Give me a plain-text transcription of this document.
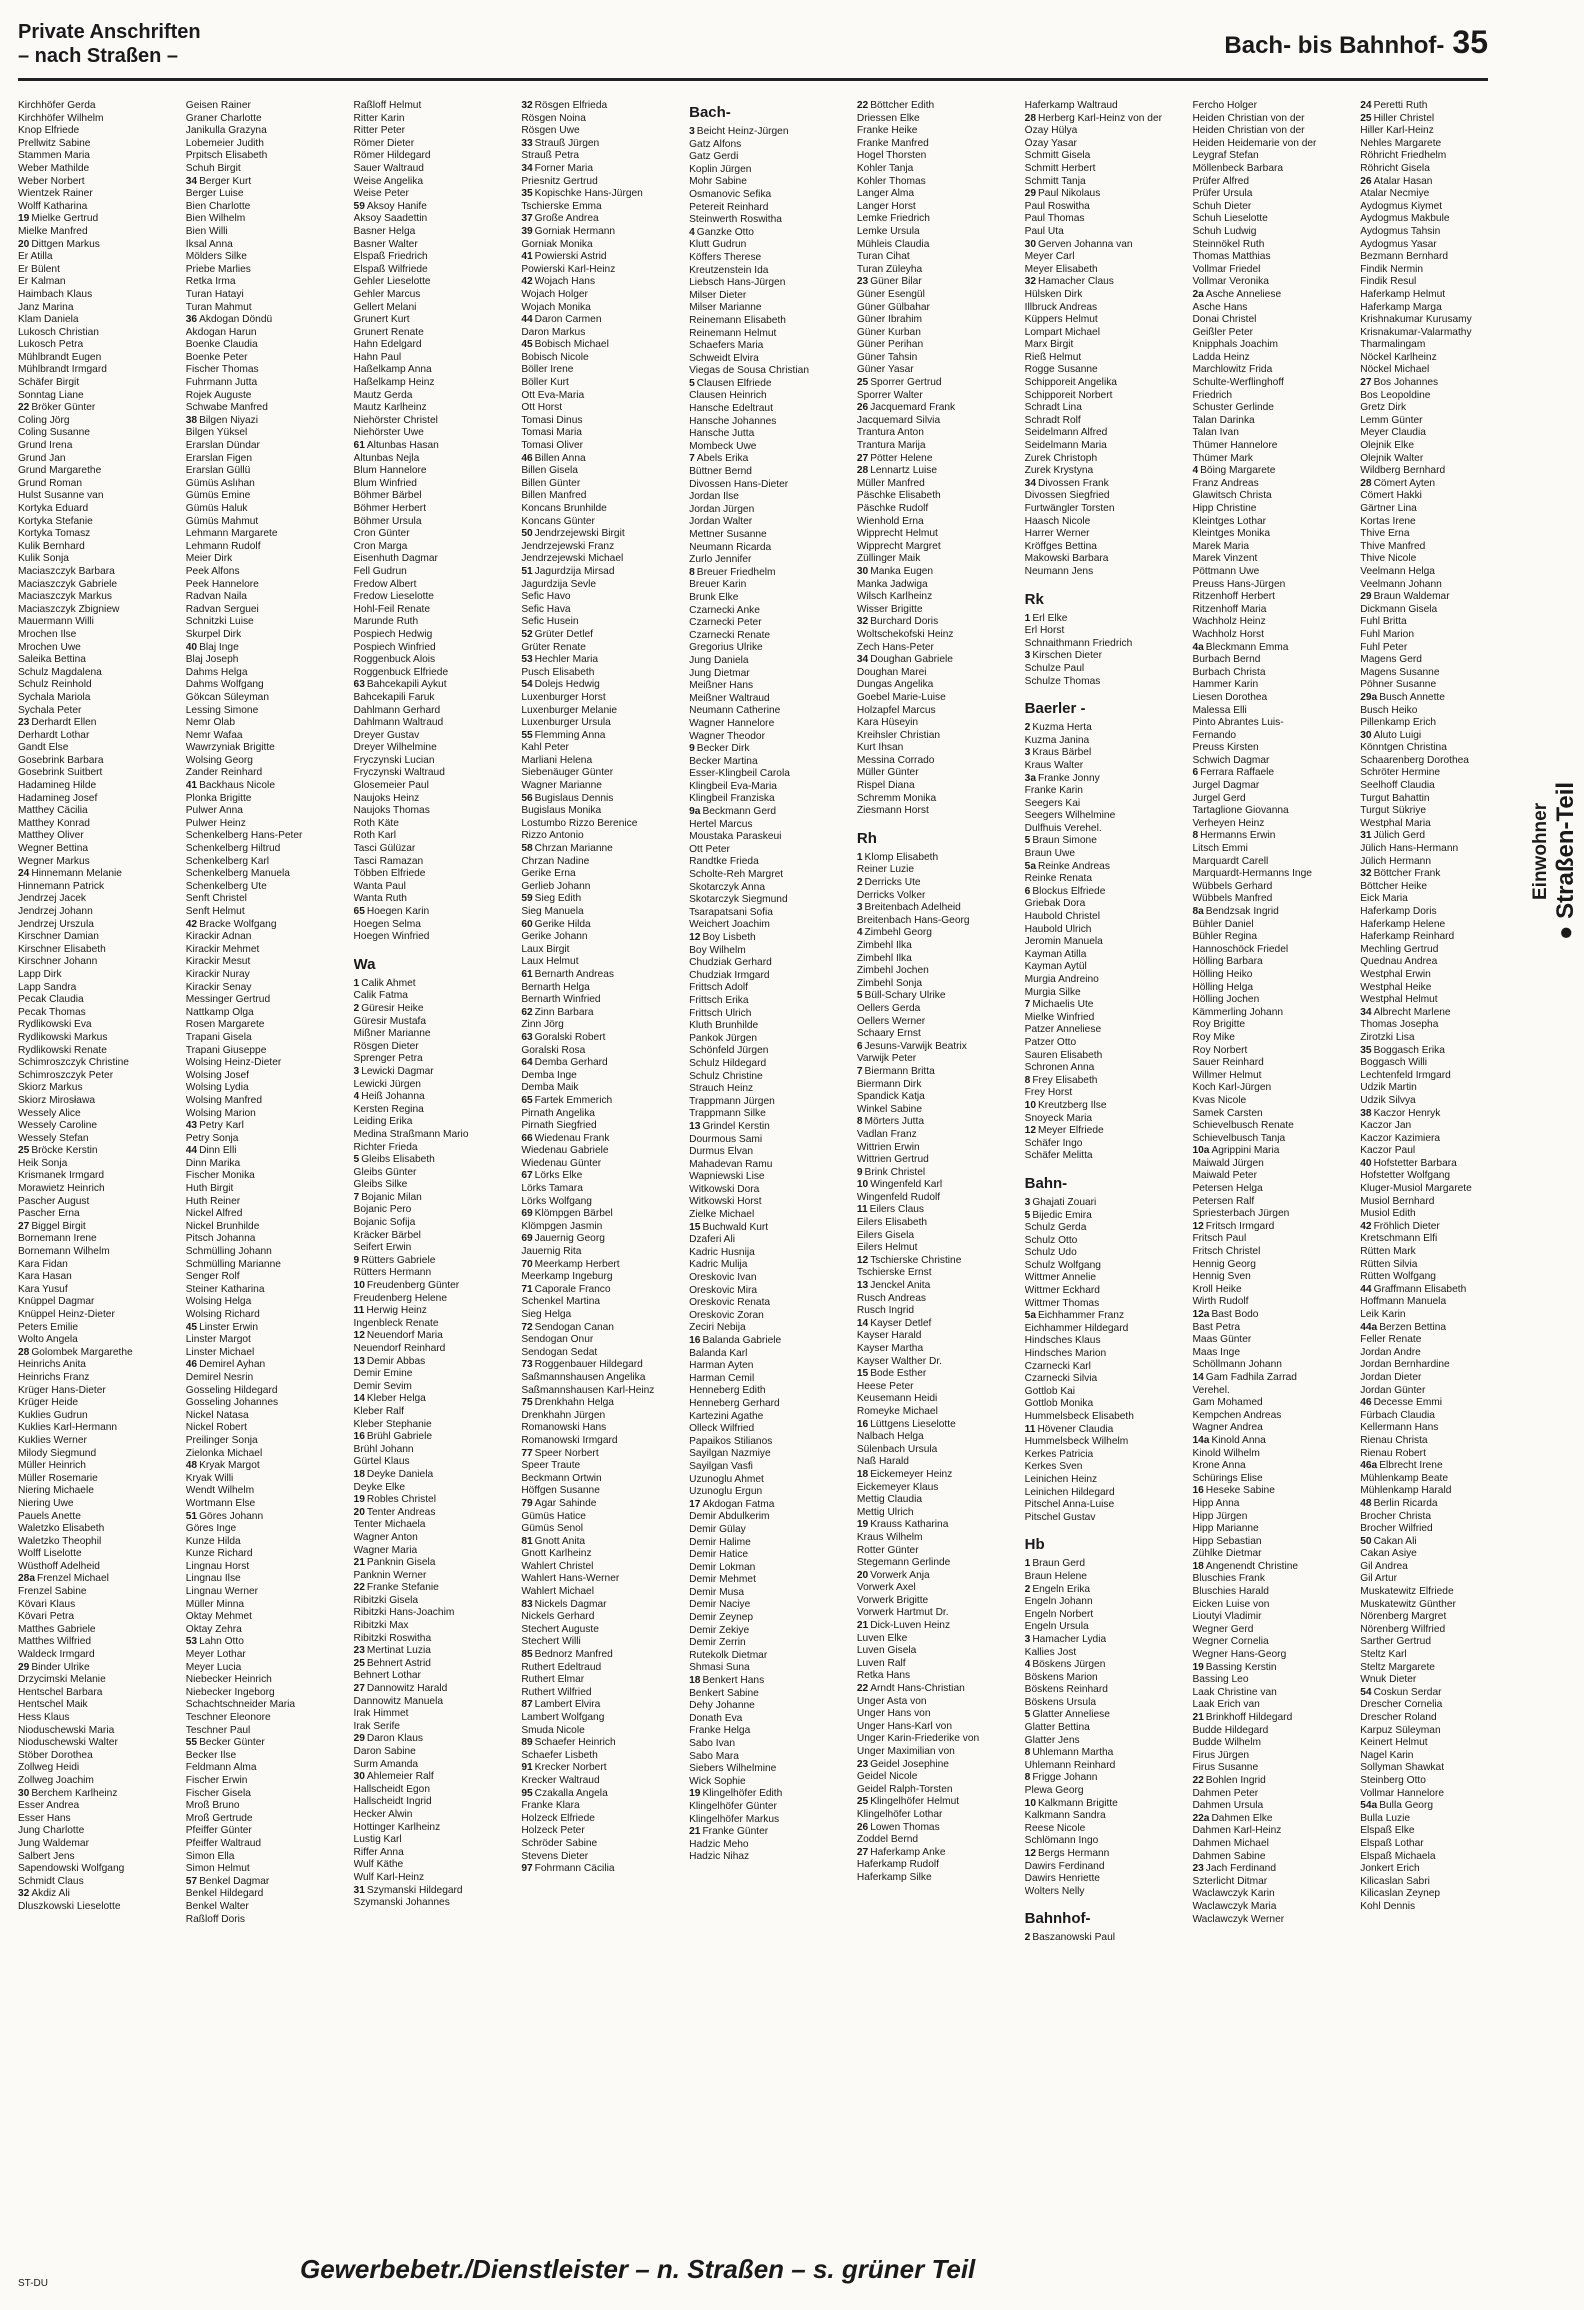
Private Anschriften
– nach Straßen –	Bach- bis Bahnhof- 35
Kirchhöfer Gerda
Kirchhöfer Wilhelm
Knop Elfriede
Prellwitz Sabine
Stammen Maria
Weber Mathilde
Weber Norbert
Wientzek Rainer
Wolff Katharina
19 Mielke Gertrud
Mielke Manfred
20 Dittgen Markus
Er Atilla
Er Bülent
Er Kalman
Haimbach Klaus
Janz Marina
Klam Daniela
Lukosch Christian
Lukosch Petra
Mühlbrandt Eugen
Mühlbrandt Irmgard
Schäfer Birgit
Sonntag Liane
22 Bröker Günter
Coling Jörg
Coling Susanne
Grund Irena
Grund Jan
Grund Margarethe
Grund Roman
Hulst Susanne van
Kortyka Eduard
Kortyka Stefanie
Kortyka Tomasz
Kulik Bernhard
Kulik Sonja
Maciaszczyk Barbara
Maciaszczyk Gabriele
Maciaszczyk Markus
Maciaszczyk Zbigniew
Mauermann Willi
Mrochen Ilse
Mrochen Uwe
Saleika Bettina
Schulz Magdalena
Schulz Reinhold
Sychala Mariola
Sychala Peter
23 Derhardt Ellen
Derhardt Lothar
Gandt Else
Gosebrink Barbara
Gosebrink Suitbert
Hadamineg Hilde
Hadamineg Josef
Matthey Cäcilia
Matthey Konrad
Matthey Oliver
Wegner Bettina
Wegner Markus
24 Hinnemann Melanie
Hinnemann Patrick
Jendrzej Jacek
Jendrzej Johann
Jendrzej Urszula
Kirschner Damian
Kirschner Elisabeth
Kirschner Johann
Lapp Dirk
Lapp Sandra
Pecak Claudia
Pecak Thomas
Rydlikowski Eva
Rydlikowski Markus
Rydlikowski Renate
Schimroszczyk Christine
Schimroszczyk Peter
Skiorz Markus
Skiorz Mirosława
Wessely Alice
Wessely Caroline
Wessely Stefan
25 Bröcke Kerstin
Heik Sonja
Krismanek Irmgard
Morawietz Heinrich
Pascher August
Pascher Erna
27 Biggel Birgit
Bornemann Irene
Bornemann Wilhelm
Kara Fidan
Kara Hasan
Kara Yusuf
Knüppel Dagmar
Knüppel Heinz-Dieter
Peters Emilie
Wolto Angela
28 Golombek Margarethe
Heinrichs Anita
Heinrichs Franz
Krüger Hans-Dieter
Krüger Heide
Kuklies Gudrun
Kuklies Karl-Hermann
Kuklies Werner
Milody Siegmund
Müller Heinrich
Müller Rosemarie
Niering Michaele
Niering Uwe
Pauels Anette
Waletzko Elisabeth
Waletzko Theophil
Wolff Liselotte
Wüsthoff Adelheid
28a Frenzel Michael
Frenzel Sabine
Kövari Klaus
Kövari Petra
Matthes Gabriele
Matthes Wilfried
Waldeck Irmgard
29 Binder Ulrike
Drzycimski Melanie
Hentschel Barbara
Hentschel Maik
Hess Klaus
Nioduschewski Maria
Nioduschewski Walter
Stöber Dorothea
Zollweg Heidi
Zollweg Joachim
30 Berchem Karlheinz
Esser Andrea
Esser Hans
Jung Charlotte
Jung Waldemar
Salbert Jens
Sapendowski Wolfgang
Schmidt Claus
32 Akdiz Ali
Dluszkowski Lieselotte
Geisen Rainer
Graner Charlotte
Janikulla Grazyna
Lobemeier Judith
Prpitsch Elisabeth
Schuh Birgit
34 Berger Kurt
Berger Luise
Bien Charlotte
Bien Wilhelm
Bien Willi
Iksal Anna
Mölders Silke
Priebe Marlies
Retka Irma
Turan Hatayi
Turan Mahmut
36 Akdogan Döndü
Akdogan Harun
Boenke Claudia
Boenke Peter
Fischer Thomas
Fuhrmann Jutta
Rojek Auguste
Schwabe Manfred
38 Bilgen Niyazi
Bilgen Yüksel
Erarslan Dündar
Erarslan Figen
Erarslan Güllü
Gümüs Aslıhan
Gümüs Emine
Gümüs Haluk
Gümüs Mahmut
Lehmann Margarete
Lehmann Rudolf
Meier Dirk
Peek Alfons
Peek Hannelore
Radvan Naila
Radvan Serguei
Schnitzki Luise
Skurpel Dirk
40 Blaj Inge
Blaj Joseph
Dahms Helga
Dahms Wolfgang
Gökcan Süleyman
Lessing Simone
Nemr Olab
Nemr Wafaa
Wawrzyniak Brigitte
Wolsing Georg
Zander Reinhard
41 Backhaus Nicole
Plonka Brigitte
Pulwer Anna
Pulwer Heinz
Schenkelberg Hans-Peter
Schenkelberg Hiltrud
Schenkelberg Karl
Schenkelberg Manuela
Schenkelberg Ute
Senft Christel
Senft Helmut
42 Bracke Wolfgang
Kirackir Adnan
Kirackir Mehmet
Kirackir Mesut
Kirackir Nuray
Kirackir Senay
Messinger Gertrud
Nattkamp Olga
Rosen Margarete
Trapani Gisela
Trapani Giuseppe
Wolsing Heinz-Dieter
Wolsing Josef
Wolsing Lydia
Wolsing Manfred
Wolsing Marion
43 Petry Karl
Petry Sonja
44 Dinn Elli
Dinn Marika
Fischer Monika
Huth Birgit
Huth Reiner
Nickel Alfred
Nickel Brunhilde
Pitsch Johanna
Schmülling Johann
Schmülling Marianne
Senger Rolf
Steiner Katharina
Wolsing Helga
Wolsing Richard
45 Linster Erwin
Linster Margot
Linster Michael
46 Demirel Ayhan
Demirel Nesrin
Gosseling Hildegard
Gosseling Johannes
Nickel Natasa
Nickel Robert
Preilinger Sonja
Zielonka Michael
48 Kryak Margot
Kryak Willi
Wendt Wilhelm
Wortmann Else
51 Göres Johann
Göres Inge
Kunze Hilda
Kunze Richard
Lingnau Horst
Lingnau Ilse
Lingnau Werner
Müller Minna
Oktay Mehmet
Oktay Zehra
53 Lahn Otto
Meyer Lothar
Meyer Lucia
Niebecker Heinrich
Niebecker Ingeborg
Schachtschneider Maria
Teschner Eleonore
Teschner Paul
55 Becker Günter
Becker Ilse
Feldmann Alma
Fischer Erwin
Fischer Gisela
Mroß Bruno
Mroß Gertrude
Pfeiffer Günter
Pfeiffer Waltraud
Simon Ella
Simon Helmut
57 Benkel Dagmar
Benkel Hildegard
Benkel Walter
Raßloff Doris
Raßloff Helmut
Ritter Karin
Ritter Peter
Römer Dieter
Römer Hildegard
Sauer Waltraud
Weise Angelika
Weise Peter
59 Aksoy Hanife
Aksoy Saadettin
Basner Helga
Basner Walter
Elspaß Friedrich
Elspaß Wilfriede
Gehler Lieselotte
Gehler Marcus
Gellert Melani
Grunert Kurt
Grunert Renate
Hahn Edelgard
Hahn Paul
Haßelkamp Anna
Haßelkamp Heinz
Mautz Gerda
Mautz Karlheinz
Niehörster Christel
Niehörster Uwe
61 Altunbas Hasan
Altunbas Nejla
Blum Hannelore
Blum Winfried
Böhmer Bärbel
Böhmer Herbert
Böhmer Ursula
Cron Günter
Cron Marga
Eisenhuth Dagmar
Fell Gudrun
Fredow Albert
Fredow Lieselotte
Hohl-Feil Renate
Marunde Ruth
Pospiech Hedwig
Pospiech Winfried
Roggenbuck Alois
Roggenbuck Elfriede
63 Bahcekapili Aykut
Bahcekapili Faruk
Dahlmann Gerhard
Dahlmann Waltraud
Dreyer Gustav
Dreyer Wilhelmine
Fryczynski Lucian
Fryczynski Waltraud
Glosemeier Paul
Naujoks Heinz
Naujoks Thomas
Roth Käte
Roth Karl
Tasci Gülüzar
Tasci Ramazan
Többen Elfriede
Wanta Paul
Wanta Ruth
65 Hoegen Karin
Hoegen Selma
Hoegen Winfried
Wa
1 Calik Ahmet
Calik Fatma
2 Güresir Heike
Güresir Mustafa
Mißner Marianne
Rösgen Dieter
Sprenger Petra
3 Lewicki Dagmar
Lewicki Jürgen
4 Heiß Johanna
Kersten Regina
Leiding Erika
Medina Straßmann Mario
Richter Frieda
5 Gleibs Elisabeth
Gleibs Günter
Gleibs Silke
7 Bojanic Milan
Bojanic Pero
Bojanic Sofija
Kräcker Bärbel
Seifert Erwin
9 Rütters Gabriele
Rütters Hermann
10 Freudenberg Günter
Freudenberg Helene
11 Herwig Heinz
Ingenbleck Renate
12 Neuendorf Maria
Neuendorf Reinhard
13 Demir Abbas
Demir Emine
Demir Sevim
14 Kleber Helga
Kleber Ralf
Kleber Stephanie
16 Brühl Gabriele
Brühl Johann
Gürtel Klaus
18 Deyke Daniela
Deyke Elke
19 Robles Christel
20 Tenter Andreas
Tenter Michaela
Wagner Anton
Wagner Maria
21 Panknin Gisela
Panknin Werner
22 Franke Stefanie
Ribitzki Gisela
Ribitzki Hans-Joachim
Ribitzki Max
Ribitzki Roswitha
23 Mertinat Luzia
25 Behnert Astrid
Behnert Lothar
27 Dannowitz Harald
Dannowitz Manuela
Irak Himmet
Irak Serife
29 Daron Klaus
Daron Sabine
Surm Amanda
30 Ahlemeier Ralf
Hallscheidt Egon
Hallscheidt Ingrid
Hecker Alwin
Hottinger Karlheinz
Lustig Karl
Riffer Anna
Wulf Käthe
Wulf Karl-Heinz
31 Szymanski Hildegard
Szymanski Johannes
32 Rösgen Elfrieda
Rösgen Noina
Rösgen Uwe
33 Strauß Jürgen
Strauß Petra
34 Forner Maria
Priesnitz Gertrud
35 Kopischke Hans-Jürgen
Tschierske Emma
37 Große Andrea
39 Gorniak Hermann
Gorniak Monika
41 Powierski Astrid
Powierski Karl-Heinz
42 Wojach Hans
Wojach Holger
Wojach Monika
44 Daron Carmen
Daron Markus
45 Bobisch Michael
Bobisch Nicole
Böller Irene
Böller Kurt
Ott Eva-Maria
Ott Horst
Tomasi Dinus
Tomasi Maria
Tomasi Oliver
46 Billen Anna
Billen Gisela
Billen Günter
Billen Manfred
Koncans Brunhilde
Koncans Günter
50 Jendrzejewski Birgit
Jendrzejewski Franz
Jendrzejewski Michael
51 Jagurdzija Mirsad
Jagurdzija Sevle
Sefic Havo
Sefic Hava
Sefic Husein
52 Grüter Detlef
Grüter Renate
53 Hechler Maria
Pusch Elisabeth
54 Dolejs Hedwig
Luxenburger Horst
Luxenburger Melanie
Luxenburger Ursula
55 Flemming Anna
Kahl Peter
Marliani Helena
Siebenäuger Günter
Wagner Marianne
56 Bugislaus Dennis
Bugislaus Monika
Lostumbo Rizzo Berenice
Rizzo Antonio
58 Chrzan Marianne
Chrzan Nadine
Gerike Erna
Gerlieb Johann
59 Sieg Edith
Sieg Manuela
60 Gerike Hilda
Gerike Johann
Laux Birgit
Laux Helmut
61 Bernarth Andreas
Bernarth Helga
Bernarth Winfried
62 Zinn Barbara
Zinn Jörg
63 Goralski Robert
Goralski Rosa
64 Demba Gerhard
Demba Inge
Demba Maik
65 Fartek Emmerich
Pirnath Angelika
Pirnath Siegfried
66 Wiedenau Frank
Wiedenau Gabriele
Wiedenau Günter
67 Lörks Elke
Lörks Tamara
Lörks Wolfgang
69 Klömpgen Bärbel
Klömpgen Jasmin
69 Jauernig Georg
Jauernig Rita
70 Meerkamp Herbert
Meerkamp Ingeburg
71 Caporale Franco
Schenkel Martina
Sieg Helga
72 Sendogan Canan
Sendogan Onur
Sendogan Sedat
73 Roggenbauer Hildegard
Saßmannshausen Angelika
Saßmannshausen Karl-Heinz
75 Drenkhahn Helga
Drenkhahn Jürgen
Romanowski Hans
Romanowski Irmgard
77 Speer Norbert
Speer Traute
Beckmann Ortwin
Höffgen Susanne
79 Agar Sahinde
Gümüs Hatice
Gümüs Senol
81 Gnott Anita
Gnott Karlheinz
Wahlert Christel
Wahlert Hans-Werner
Wahlert Michael
83 Nickels Dagmar
Nickels Gerhard
Stechert Auguste
Stechert Willi
85 Bednorz Manfred
Ruthert Edeltraud
Ruthert Elmar
Ruthert Wilfried
87 Lambert Elvira
Lambert Wolfgang
Smuda Nicole
89 Schaefer Heinrich
Schaefer Lisbeth
91 Krecker Norbert
Krecker Waltraud
95 Czakalla Angela
Franke Klara
Holzeck Elfriede
Holzeck Peter
Schröder Sabine
Stevens Dieter
97 Fohrmann Cäcilia
Bach-
3 Beicht Heinz-Jürgen
Gatz Alfons
Gatz Gerdi
Koplin Jürgen
Mohr Sabine
Osmanovic Sefika
Petereit Reinhard
Steinwerth Roswitha
4 Ganzke Otto
Klutt Gudrun
Köffers Therese
Kreutzenstein Ida
Liebsch Hans-Jürgen
Milser Dieter
Milser Marianne
Reinemann Elisabeth
Reinemann Helmut
Schaefers Maria
Schweidt Elvira
Viegas de Sousa Christian
5 Clausen Elfriede
Clausen Heinrich
Hansche Edeltraut
Hansche Johannes
Hansche Jutta
Mombeck Uwe
7 Abels Erika
Büttner Bernd
Divossen Hans-Dieter
Jordan Ilse
Jordan Jürgen
Jordan Walter
Mettner Susanne
Neumann Ricarda
Zurlo Jennifer
8 Breuer Friedhelm
Breuer Karin
Brunk Elke
Czarnecki Anke
Czarnecki Peter
Czarnecki Renate
Gregorius Ulrike
Jung Daniela
Jung Dietmar
Meißner Hans
Meißner Waltraud
Neumann Catherine
Wagner Hannelore
Wagner Theodor
9 Becker Dirk
Becker Martina
Esser-Klingbeil Carola
Klingbeil Eva-Maria
Klingbeil Franziska
9a Beckmann Gerd
Hertel Marcus
Moustaka Paraskeui
Ott Peter
Randtke Frieda
Scholte-Reh Margret
Skotarczyk Anna
Skotarczyk Siegmund
Tsarapatsani Sofia
Weichert Joachim
12 Boy Lisbeth
Boy Wilhelm
Chudziak Gerhard
Chudziak Irmgard
Frittsch Adolf
Frittsch Erika
Frittsch Ulrich
Kluth Brunhilde
Pankok Jürgen
Schönfeld Jürgen
Schulz Hildegard
Schulz Christine
Strauch Heinz
Trappmann Jürgen
Trappmann Silke
13 Grindel Kerstin
Dourmous Sami
Durmus Elvan
Mahadevan Ramu
Wapniewski Lise
Witkowski Dora
Witkowski Horst
Zielke Michael
15 Buchwald Kurt
Dzaferi Ali
Kadric Husnija
Kadric Mulija
Oreskovic Ivan
Oreskovic Mira
Oreskovic Renata
Oreskovic Zoran
Zeciri Nebija
16 Balanda Gabriele
Balanda Karl
Harman Ayten
Harman Cemil
Henneberg Edith
Henneberg Gerhard
Kartezini Agathe
Olleck Wilfried
Papaikos Stilianos
Sayilgan Nazmiye
Sayilgan Vasfi
Uzunoglu Ahmet
Uzunoglu Ergun
17 Akdogan Fatma
Demir Abdulkerim
Demir Gülay
Demir Halime
Demir Hatice
Demir Lokman
Demir Mehmet
Demir Musa
Demir Naciye
Demir Zeynep
Demir Zekiye
Demir Zerrin
Rutekolk Dietmar
Shmasi Suna
18 Benkert Hans
Benkert Sabine
Dehy Johanne
Donath Eva
Franke Helga
Sabo Ivan
Sabo Mara
Siebers Wilhelmine
Wick Sophie
19 Klingelhöfer Edith
Klingelhöfer Günter
Klingelhöfer Markus
21 Franke Günter
Hadzic Meho
Hadzic Nihaz
22 Böttcher Edith
Driessen Elke
Franke Heike
Franke Manfred
Hogel Thorsten
Kohler Tanja
Kohler Thomas
Langer Alma
Langer Horst
Lemke Friedrich
Lemke Ursula
Mühleis Claudia
Turan Cihat
Turan Züleyha
23 Güner Bilar
Güner Esengül
Güner Gülbahar
Güner Ibrahim
Güner Kurban
Güner Perihan
Güner Tahsin
Güner Yasar
25 Sporrer Gertrud
Sporrer Walter
26 Jacquemard Frank
Jacquemard Silvia
Trantura Anton
Trantura Marija
27 Pötter Helene
28 Lennartz Luise
Müller Manfred
Päschke Elisabeth
Päschke Rudolf
Wienhold Erna
Wipprecht Helmut
Wipprecht Margret
Züllinger Maik
30 Manka Eugen
Manka Jadwiga
Wilsch Karlheinz
Wisser Brigitte
32 Burchard Doris
Woltschekofski Heinz
Zech Hans-Peter
34 Doughan Gabriele
Doughan Marei
Dungas Angelika
Goebel Marie-Luise
Holzapfel Marcus
Kara Hüseyin
Kreihsler Christian
Kurt Ihsan
Messina Corrado
Müller Günter
Rispel Diana
Schremm Monika
Ziesmann Horst
Rh
1 Klomp Elisabeth
Reiner Luzie
2 Derricks Ute
Derricks Volker
3 Breitenbach Adelheid
Breitenbach Hans-Georg
4 Zimbehl Georg
Zimbehl Ilka
Zimbehl Ilka
Zimbehl Jochen
Zimbehl Sonja
5 Büll-Schary Ulrike
Oellers Gerda
Oellers Werner
Schaary Ernst
6 Jesuns-Varwijk Beatrix
Varwijk Peter
7 Biermann Britta
Biermann Dirk
Spandick Katja
Winkel Sabine
8 Mörters Jutta
Vadlan Franz
Wittrien Erwin
Wittrien Gertrud
9 Brink Christel
10 Wingenfeld Karl
Wingenfeld Rudolf
11 Eilers Claus
Eilers Elisabeth
Eilers Gisela
Eilers Helmut
12 Tschierske Christine
Tschierske Ernst
13 Jenckel Anita
Rusch Andreas
Rusch Ingrid
14 Kayser Detlef
Kayser Harald
Kayser Martha
Kayser Walther Dr.
15 Bode Esther
Heese Peter
Keusemann Heidi
Romeyke Michael
16 Lüttgens Lieselotte
Nalbach Helga
Sülenbach Ursula
Naß Harald
18 Eickemeyer Heinz
Eickemeyer Klaus
Mettig Claudia
Mettig Ulrich
19 Krauss Katharina
Kraus Wilhelm
Rotter Günter
Stegemann Gerlinde
20 Vorwerk Anja
Vorwerk Axel
Vorwerk Brigitte
Vorwerk Hartmut Dr.
21 Dick-Luven Heinz
Luven Elke
Luven Gisela
Luven Ralf
Retka Hans
22 Arndt Hans-Christian
Unger Asta von
Unger Hans von
Unger Hans-Karl von
Unger Karin-Friederike von
Unger Maximilian von
23 Geidel Josephine
Geidel Nicole
Geidel Ralph-Torsten
25 Klingelhöfer Helmut
Klingelhöfer Lothar
26 Lowen Thomas
Zoddel Bernd
27 Haferkamp Anke
Haferkamp Rudolf
Haferkamp Silke
Haferkamp Waltraud
28 Herberg Karl-Heinz von der
Özay Hülya
Özay Yasar
Schmitt Gisela
Schmitt Herbert
Schmitt Tanja
29 Paul Nikolaus
Paul Roswitha
Paul Thomas
Paul Uta
30 Gerven Johanna van
Meyer Carl
Meyer Elisabeth
32 Hamacher Claus
Hülsken Dirk
Illbruck Andreas
Küppers Helmut
Lompart Michael
Marx Birgit
Rieß Helmut
Rogge Susanne
Schipporeit Angelika
Schipporeit Norbert
Schradt Lina
Schradt Rolf
Seidelmann Alfred
Seidelmann Maria
Zurek Christoph
Zurek Krystyna
34 Divossen Frank
Divossen Siegfried
Furtwängler Torsten
Haasch Nicole
Harrer Werner
Kröffges Bettina
Makowski Barbara
Neumann Jens
Rk
1 Erl Elke
Erl Horst
Schnaithmann Friedrich
3 Kirschen Dieter
Schulze Paul
Schulze Thomas
Baerler -
2 Kuzma Herta
Kuzma Janina
3 Kraus Bärbel
Kraus Walter
3a Franke Jonny
Franke Karin
Seegers Kai
Seegers Wilhelmine
Dulfhuis Verehel.
5 Braun Simone
Braun Uwe
5a Reinke Andreas
Reinke Renata
6 Blockus Elfriede
Griebak Dora
Haubold Christel
Haubold Ulrich
Jeromin Manuela
Kayman Atilla
Kayman Aytül
Murgia Andreino
Murgia Silke
7 Michaelis Ute
Mielke Winfried
Patzer Anneliese
Patzer Otto
Sauren Elisabeth
Schronen Anna
8 Frey Elisabeth
Frey Horst
10 Kreutzberg Ilse
Snoyeck Maria
12 Meyer Elfriede
Schäfer Ingo
Schäfer Melitta
Bahn-
3 Ghajati Zouari
5 Bijedic Emira
Schulz Gerda
Schulz Otto
Schulz Udo
Schulz Wolfgang
Wittmer Annelie
Wittmer Eckhard
Wittmer Thomas
5a Eichhammer Franz
Eichhammer Hildegard
Hindsches Klaus
Hindsches Marion
Czarnecki Karl
Czarnecki Silvia
Gottlob Kai
Gottlob Monika
Hummelsbeck Elisabeth
11 Hövener Claudia
Hummelsbeck Wilhelm
Kerkes Patricia
Kerkes Sven
Leinichen Heinz
Leinichen Hildegard
Pitschel Anna-Luise
Pitschel Gustav
Hb
1 Braun Gerd
Braun Helene
2 Engeln Erika
Engeln Johann
Engeln Norbert
Engeln Ursula
3 Hamacher Lydia
Kallies Jost
4 Böskens Jürgen
Böskens Marion
Böskens Reinhard
Böskens Ursula
5 Glatter Anneliese
Glatter Bettina
Glatter Jens
8 Uhlemann Martha
Uhlemann Reinhard
8 Frigge Johann
Plewa Georg
10 Kalkmann Brigitte
Kalkmann Sandra
Reese Nicole
Schlömann Ingo
12 Bergs Hermann
Dawirs Ferdinand
Dawirs Henriette
Wolters Nelly
Bahnhof-
2 Baszanowski Paul
Fercho Holger
Heiden Christian von der
Heiden Christian von der
Heiden Heidemarie von der
Leygraf Stefan
Möllenbeck Barbara
Prüfer Alfred
Prüfer Ursula
Schuh Dieter
Schuh Lieselotte
Schuh Ludwig
Steinnökel Ruth
Thomas Matthias
Vollmar Friedel
Vollmar Veronika
2a Asche Anneliese
Asche Hans
Donai Christel
Geißler Peter
Knipphals Joachim
Ladda Heinz
Marchlowitz Frida
Schulte-Werflinghoff
Friedrich
Schuster Gerlinde
Talan Darinka
Talan Ivan
Thümer Hannelore
Thümer Mark
4 Böing Margarete
Franz Andreas
Glawitsch Christa
Hipp Christine
Kleintges Lothar
Kleintges Monika
Marek Maria
Marek Vinzent
Pöttmann Uwe
Preuss Hans-Jürgen
Ritzenhoff Herbert
Ritzenhoff Maria
Wachholz Heinz
Wachholz Horst
4a Bleckmann Emma
Burbach Bernd
Burbach Christa
Hammer Karin
Liesen Dorothea
Malessa Elli
Pinto Abrantes Luis-
Fernando
Preuss Kirsten
Schwich Dagmar
6 Ferrara Raffaele
Jurgel Dagmar
Jurgel Gerd
Tartaglione Giovanna
Verheyen Heinz
8 Hermanns Erwin
Litsch Emmi
Marquardt Carell
Marquardt-Hermanns Inge
Wübbels Gerhard
Wübbels Manfred
8a Bendzsak Ingrid
Bühler Daniel
Bühler Regina
Hannoschöck Friedel
Hölling Barbara
Hölling Heiko
Hölling Helga
Hölling Jochen
Kämmerling Johann
Roy Brigitte
Roy Mike
Roy Norbert
Sauer Reinhard
Willmer Helmut
Koch Karl-Jürgen
Kvas Nicole
Samek Carsten
Schievelbusch Renate
Schievelbusch Tanja
10a Agrippini Maria
Maiwald Jürgen
Maiwald Peter
Petersen Helga
Petersen Ralf
Spriesterbach Jürgen
12 Fritsch Irmgard
Fritsch Paul
Fritsch Christel
Hennig Georg
Hennig Sven
Kroll Heike
Wirth Rudolf
12a Bast Bodo
Bast Petra
Maas Günter
Maas Inge
Schöllmann Johann
14 Gam Fadhila Zarrad
Verehel.
Gam Mohamed
Kempchen Andreas
Wagner Andrea
14a Kinold Anna
Kinold Wilhelm
Krone Anna
Schürings Elise
16 Heseke Sabine
Hipp Anna
Hipp Jürgen
Hipp Marianne
Hipp Sebastian
Zühlke Dietmar
18 Angenendt Christine
Bluschies Frank
Bluschies Harald
Eicken Luise von
Lioutyi Vladimir
Wegner Gerd
Wegner Cornelia
Wegner Hans-Georg
19 Bassing Kerstin
Bassing Leo
Laak Christine van
Laak Erich van
21 Brinkhoff Hildegard
Budde Hildegard
Budde Wilhelm
Firus Jürgen
Firus Susanne
22 Bohlen Ingrid
Dahmen Peter
Dahmen Ursula
22a Dahmen Elke
Dahmen Karl-Heinz
Dahmen Michael
Dahmen Sabine
23 Jach Ferdinand
Szterlicht Ditmar
Waclawczyk Karin
Waclawczyk Maria
Waclawczyk Werner
24 Peretti Ruth
25 Hiller Christel
Hiller Karl-Heinz
Nehles Margarete
Röhricht Friedhelm
Röhricht Gisela
26 Atalar Hasan
Atalar Necmiye
Aydogmus Kiymet
Aydogmus Makbule
Aydogmus Tahsin
Aydogmus Yasar
Bezmann Bernhard
Findik Nermin
Findik Resul
Haferkamp Helmut
Haferkamp Marga
Krishnakumar Kurusamy
Krisnakumar-Valarmathy
Tharmalingam
Nöckel Karlheinz
Nöckel Michael
27 Bos Johannes
Bos Leopoldine
Gretz Dirk
Lemm Günter
Meyer Claudia
Olejnik Elke
Olejnik Walter
Wildberg Bernhard
28 Cömert Ayten
Cömert Hakki
Gärtner Lina
Kortas Irene
Thive Erna
Thive Manfred
Thive Nicole
Veelmann Helga
Veelmann Johann
29 Braun Waldemar
Dickmann Gisela
Fuhl Britta
Fuhl Marion
Fuhl Peter
Magens Gerd
Magens Susanne
Pöhner Susanne
29a Busch Annette
Busch Heiko
Pillenkamp Erich
30 Aluto Luigi
Könntgen Christina
Schaarenberg Dorothea
Schröter Hermine
Seelhoff Claudia
Turgut Bahattin
Turgut Sükriye
Westphal Maria
31 Jülich Gerd
Jülich Hans-Hermann
Jülich Hermann
32 Böttcher Frank
Böttcher Heike
Eick Maria
Haferkamp Doris
Haferkamp Helene
Haferkamp Reinhard
Mechling Gertrud
Quednau Andrea
Westphal Erwin
Westphal Heike
Westphal Helmut
34 Albrecht Marlene
Thomas Josepha
Zirotzki Lisa
35 Boggasch Erika
Boggasch Willi
Lechtenfeld Irmgard
Udzik Martin
Udzik Silvya
38 Kaczor Henryk
Kaczor Jan
Kaczor Kazimiera
Kaczor Paul
40 Hofstetter Barbara
Hofstetter Wolfgang
Kluger-Musiol Margarete
Musiol Bernhard
Musiol Edith
42 Fröhlich Dieter
Kretschmann Elfi
Rütten Mark
Rütten Silvia
Rütten Wolfgang
44 Graffmann Elisabeth
Hoffmann Manuela
Leik Karin
44a Berzen Bettina
Feller Renate
Jordan Andre
Jordan Bernhardine
Jordan Dieter
Jordan Günter
46 Decesse Emmi
Fürbach Claudia
Kellermann Hans
Rienau Christa
Rienau Robert
46a Elbrecht Irene
Mühlenkamp Beate
Mühlenkamp Harald
48 Berlin Ricarda
Brocher Christa
Brocher Wilfried
50 Cakan Ali
Cakan Asiye
Gil Andrea
Gil Artur
Muskatewitz Elfriede
Muskatewitz Günther
Nörenberg Margret
Nörenberg Wilfried
Sarther Gertrud
Steltz Karl
Steltz Margarete
Wnuk Dieter
54 Coskun Serdar
Drescher Cornelia
Drescher Roland
Karpuz Süleyman
Keinert Helmut
Nagel Karin
Sollyman Shawkat
Steinberg Otto
Vollmar Hannelore
54a Bulla Georg
Bulla Luzie
Elspaß Elke
Elspaß Lothar
Elspaß Michaela
Jonkert Erich
Kilicaslan Sabri
Kilicaslan Zeynep
Kohl Dennis
Einwohner ● Straßen-Teil
Gewerbebetr./Dienstleister – n. Straßen – s. grüner Teil
ST-DU
